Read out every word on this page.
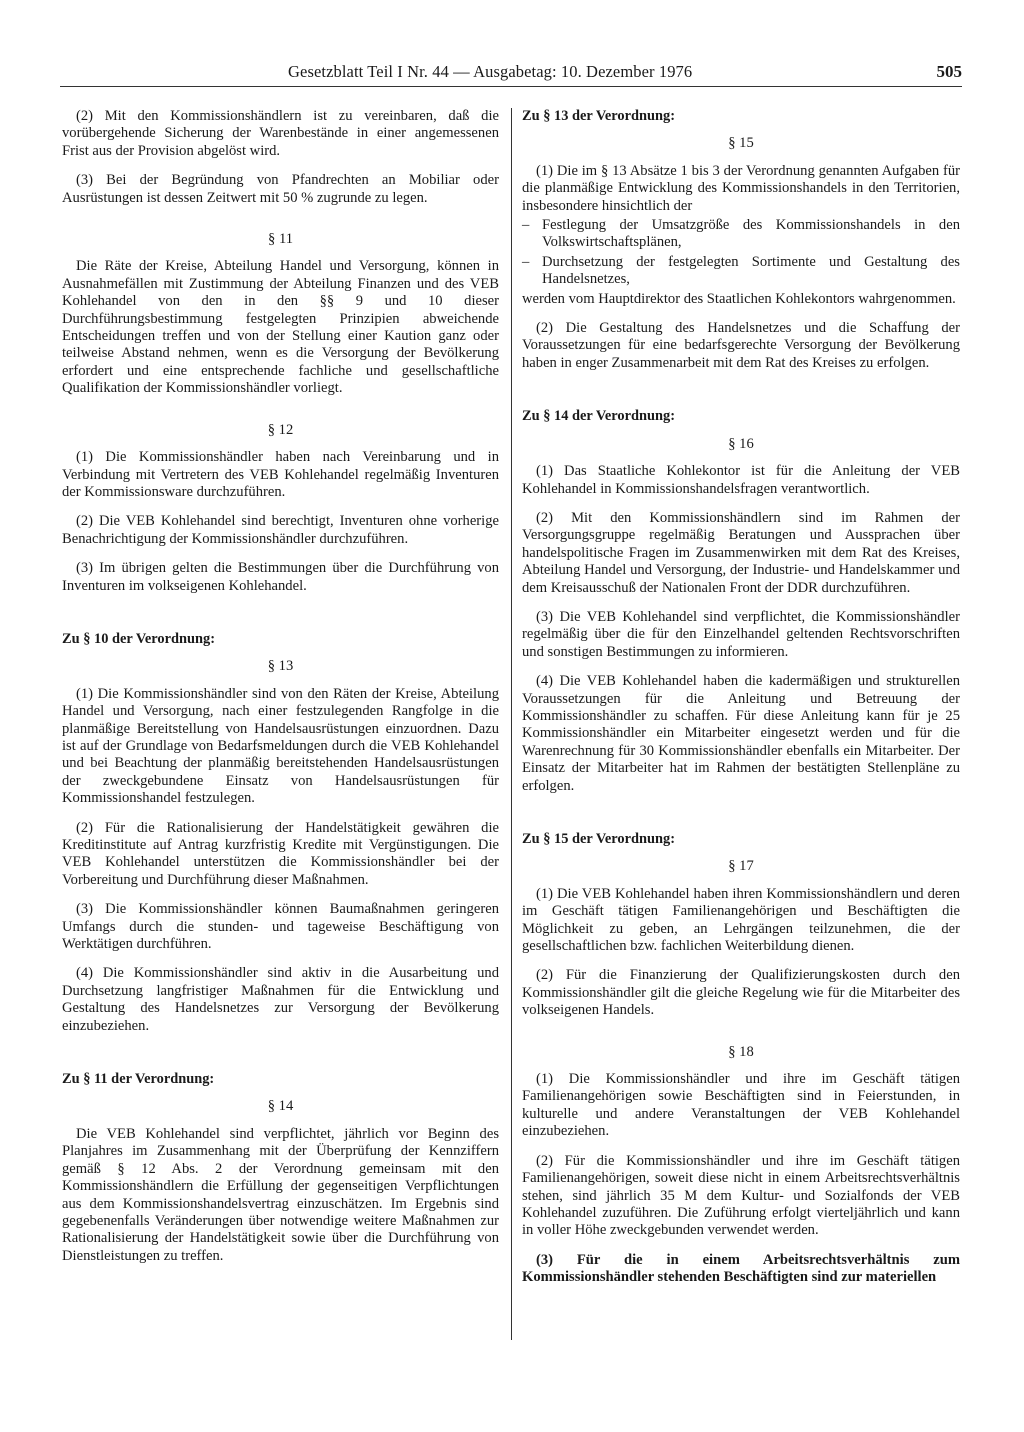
Gesetzblatt Teil I Nr. 44 — Ausgabetag: 10. Dezember 1976	505

(2) Mit den Kommissionshändlern ist zu vereinbaren, daß die vorübergehende Sicherung der Warenbestände in einer angemessenen Frist aus der Provision abgelöst wird.

(3) Bei der Begründung von Pfandrechten an Mobiliar oder Ausrüstungen ist dessen Zeitwert mit 50 % zugrunde zu legen.

§ 11

Die Räte der Kreise, Abteilung Handel und Versorgung, können in Ausnahmefällen mit Zustimmung der Abteilung Finanzen und des VEB Kohlehandel von den in den §§ 9 und 10 dieser Durchführungsbestimmung festgelegten Prinzipien abweichende Entscheidungen treffen und von der Stellung einer Kaution ganz oder teilweise Abstand nehmen, wenn es die Versorgung der Bevölkerung erfordert und eine entsprechende fachliche und gesellschaftliche Qualifikation der Kommissionshändler vorliegt.

§ 12

(1) Die Kommissionshändler haben nach Vereinbarung und in Verbindung mit Vertretern des VEB Kohlehandel regelmäßig Inventuren der Kommissionsware durchzuführen.

(2) Die VEB Kohlehandel sind berechtigt, Inventuren ohne vorherige Benachrichtigung der Kommissionshändler durchzuführen.

(3) Im übrigen gelten die Bestimmungen über die Durchführung von Inventuren im volkseigenen Kohlehandel.

Zu § 10 der Verordnung:

§ 13

(1) Die Kommissionshändler sind von den Räten der Kreise, Abteilung Handel und Versorgung, nach einer festzulegenden Rangfolge in die planmäßige Bereitstellung von Handelsausrüstungen einzuordnen. Dazu ist auf der Grundlage von Bedarfsmeldungen durch die VEB Kohlehandel und bei Beachtung der planmäßig bereitstehenden Handelsausrüstungen der zweckgebundene Einsatz von Handelsausrüstungen für Kommissionshandel festzulegen.

(2) Für die Rationalisierung der Handelstätigkeit gewähren die Kreditinstitute auf Antrag kurzfristig Kredite mit Vergünstigungen. Die VEB Kohlehandel unterstützen die Kommissionshändler bei der Vorbereitung und Durchführung dieser Maßnahmen.

(3) Die Kommissionshändler können Baumaßnahmen geringeren Umfangs durch die stunden- und tageweise Beschäftigung von Werktätigen durchführen.

(4) Die Kommissionshändler sind aktiv in die Ausarbeitung und Durchsetzung langfristiger Maßnahmen für die Entwicklung und Gestaltung des Handelsnetzes zur Versorgung der Bevölkerung einzubeziehen.

Zu § 11 der Verordnung:

§ 14

Die VEB Kohlehandel sind verpflichtet, jährlich vor Beginn des Planjahres im Zusammenhang mit der Überprüfung der Kennziffern gemäß § 12 Abs. 2 der Verordnung gemeinsam mit den Kommissionshändlern die Erfüllung der gegenseitigen Verpflichtungen aus dem Kommissionshandelsvertrag einzuschätzen. Im Ergebnis sind gegebenenfalls Veränderungen über notwendige weitere Maßnahmen zur Rationalisierung der Handelstätigkeit sowie über die Durchführung von Dienstleistungen zu treffen.

Zu § 13 der Verordnung:

§ 15

(1) Die im § 13 Absätze 1 bis 3 der Verordnung genannten Aufgaben für die planmäßige Entwicklung des Kommissionshandels in den Territorien, insbesondere hinsichtlich der

– Festlegung der Umsatzgröße des Kommissionshandels in den Volkswirtschaftsplänen,
– Durchsetzung der festgelegten Sortimente und Gestaltung des Handelsnetzes,

werden vom Hauptdirektor des Staatlichen Kohlekontors wahrgenommen.

(2) Die Gestaltung des Handelsnetzes und die Schaffung der Voraussetzungen für eine bedarfsgerechte Versorgung der Bevölkerung haben in enger Zusammenarbeit mit dem Rat des Kreises zu erfolgen.

Zu § 14 der Verordnung:

§ 16

(1) Das Staatliche Kohlekontor ist für die Anleitung der VEB Kohlehandel in Kommissionshandelsfragen verantwortlich.

(2) Mit den Kommissionshändlern sind im Rahmen der Versorgungsgruppe regelmäßig Beratungen und Aussprachen über handelspolitische Fragen im Zusammenwirken mit dem Rat des Kreises, Abteilung Handel und Versorgung, der Industrie- und Handelskammer und dem Kreisausschuß der Nationalen Front der DDR durchzuführen.

(3) Die VEB Kohlehandel sind verpflichtet, die Kommissionshändler regelmäßig über die für den Einzelhandel geltenden Rechtsvorschriften und sonstigen Bestimmungen zu informieren.

(4) Die VEB Kohlehandel haben die kadermäßigen und strukturellen Voraussetzungen für die Anleitung und Betreuung der Kommissionshändler zu schaffen. Für diese Anleitung kann für je 25 Kommissionshändler ein Mitarbeiter eingesetzt werden und für die Warenrechnung für 30 Kommissionshändler ebenfalls ein Mitarbeiter. Der Einsatz der Mitarbeiter hat im Rahmen der bestätigten Stellenpläne zu erfolgen.

Zu § 15 der Verordnung:

§ 17

(1) Die VEB Kohlehandel haben ihren Kommissionshändlern und deren im Geschäft tätigen Familienangehörigen und Beschäftigten die Möglichkeit zu geben, an Lehrgängen teilzunehmen, die der gesellschaftlichen bzw. fachlichen Weiterbildung dienen.

(2) Für die Finanzierung der Qualifizierungskosten durch den Kommissionshändler gilt die gleiche Regelung wie für die Mitarbeiter des volkseigenen Handels.

§ 18

(1) Die Kommissionshändler und ihre im Geschäft tätigen Familienangehörigen sowie Beschäftigten sind in Feierstunden, in kulturelle und andere Veranstaltungen der VEB Kohlehandel einzubeziehen.

(2) Für die Kommissionshändler und ihre im Geschäft tätigen Familienangehörigen, soweit diese nicht in einem Arbeitsrechtsverhältnis stehen, sind jährlich 35 M dem Kultur- und Sozialfonds der VEB Kohlehandel zuzuführen. Die Zuführung erfolgt vierteljährlich und kann in voller Höhe zweckgebunden verwendet werden.

(3) Für die in einem Arbeitsrechtsverhältnis zum Kommissionshändler stehenden Beschäftigten sind zur materiellen
